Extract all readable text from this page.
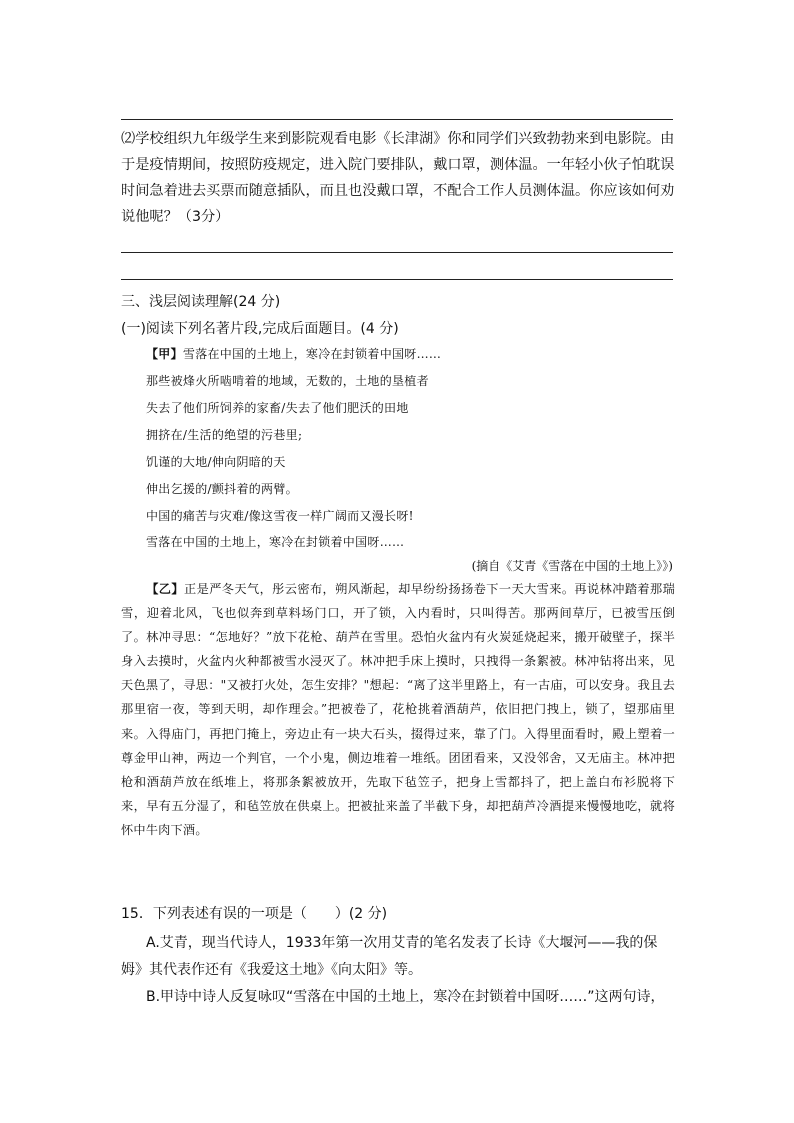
⑵学校组织九年级学生来到影院观看电影《长津湖》你和同学们兴致勃勃来到电影院。由于是疫情期间，按照防疫规定，进入院门要排队，戴口罩，测体温。一年轻小伙子怕耽误时间急着进去买票而随意插队，而且也没戴口罩，不配合工作人员测体温。你应该如何劝说他呢？（3分）
三、浅层阅读理解(24 分)
(一)阅读下列名著片段,完成后面题目。(4 分)
【甲】雪落在中国的土地上，寒冷在封锁着中国呀……
那些被烽火所啮啃着的地域，无数的，土地的垦植者
失去了他们所饲养的家畜/失去了他们肥沃的田地
拥挤在/生活的绝望的污巷里;
饥谨的大地/伸向阴暗的天
伸出乞援的/颤抖着的两臂。
中国的痛苦与灾难/像这雪夜一样广阔而又漫长呀!
雪落在中国的土地上，寒冷在封锁着中国呀……
(摘自《艾青《雪落在中国的土地上》》)
【乙】正是严冬天气，彤云密布，朔风渐起，却早纷纷扬扬卷下一天大雪来。再说林冲踏着那瑞雪，迎着北风，飞也似奔到草料场门口，开了锁，入内看时，只叫得苦。那两间草厅，已被雪压倒了。林冲寻思：“怎地好？”放下花枪、葫芦在雪里。恐怕火盆内有火炭延烧起来，搬开破壁子，探半身入去摸时，火盆内火种都被雪水浸灭了。林冲把手床上摸时，只拽得一条絮被。林冲钻将出来，见天色黑了，寻思："又被打火处，怎生安排？"想起：“离了这半里路上，有一古庙，可以安身。我且去那里宿一夜，等到天明，却作理会。”把被卷了，花枪挑着酒葫芦，依旧把门拽上，锁了，望那庙里来。入得庙门，再把门掩上，旁边止有一块大石头，掇得过来，靠了门。入得里面看时，殿上塑着一尊金甲山神，两边一个判官，一个小鬼，侧边堆着一堆纸。团团看来，又没邻舍，又无庙主。林冲把枪和酒葫芦放在纸堆上，将那条絮被放开，先取下毡笠子，把身上雪都抖了，把上盖白布衫脱将下来，早有五分湿了，和毡笠放在供桌上。把被扯来盖了半截下身，却把葫芦冷酒提来慢慢地吃，就将怀中牛肉下酒。
15．下列表述有误的一项是（　　）(2 分)
A.艾青，现当代诗人，1933年第一次用艾青的笔名发表了长诗《大堰河——我的保姆》其代表作还有《我爱这土地》《向太阳》等。
B.甲诗中诗人反复咏叹“雪落在中国的土地上，寒冷在封锁着中国呀……”这两句诗，
